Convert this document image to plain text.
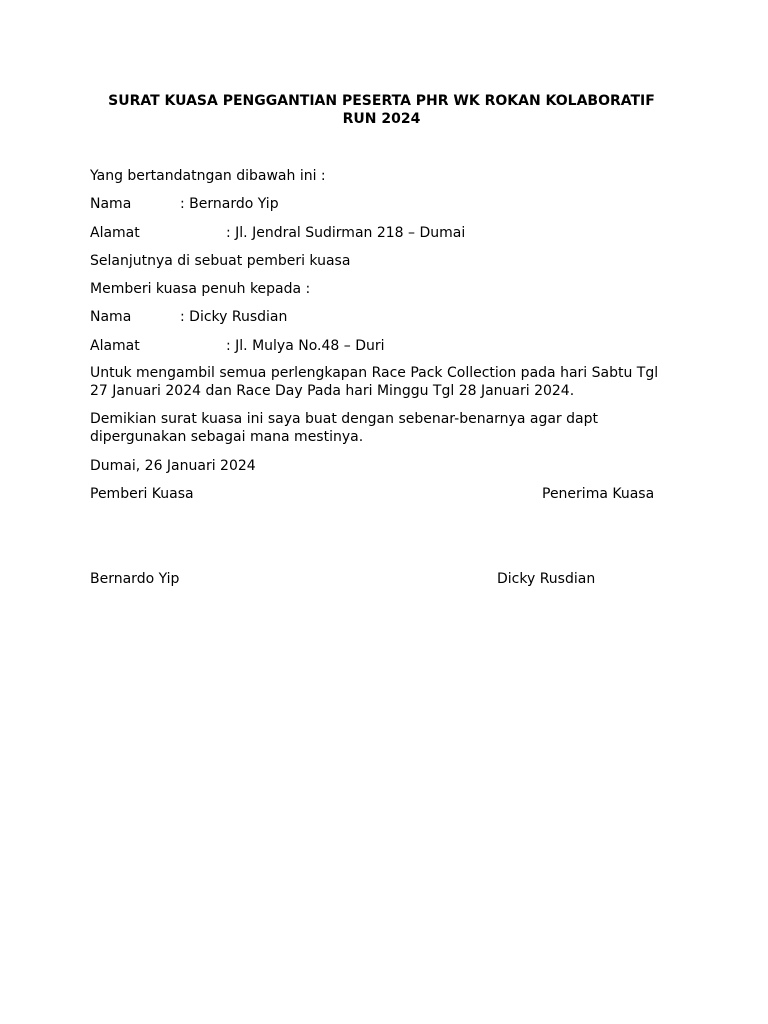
SURAT KUASA PENGGANTIAN PESERTA PHR WK ROKAN KOLABORATIF RUN 2024
Yang bertandatngan dibawah ini :
Nama	: Bernardo Yip
Alamat	: Jl. Jendral Sudirman 218 – Dumai
Selanjutnya di sebuat pemberi kuasa
Memberi kuasa penuh kepada :
Nama	: Dicky Rusdian
Alamat	: Jl. Mulya No.48 – Duri
Untuk mengambil semua perlengkapan Race Pack Collection pada hari Sabtu Tgl 27 Januari 2024 dan Race Day Pada hari Minggu Tgl 28 Januari 2024.
Demikian surat kuasa ini saya buat dengan sebenar-benarnya agar dapt dipergunakan sebagai mana mestinya.
Dumai, 26 Januari 2024
Pemberi Kuasa	Penerima Kuasa
Bernardo Yip	Dicky Rusdian
